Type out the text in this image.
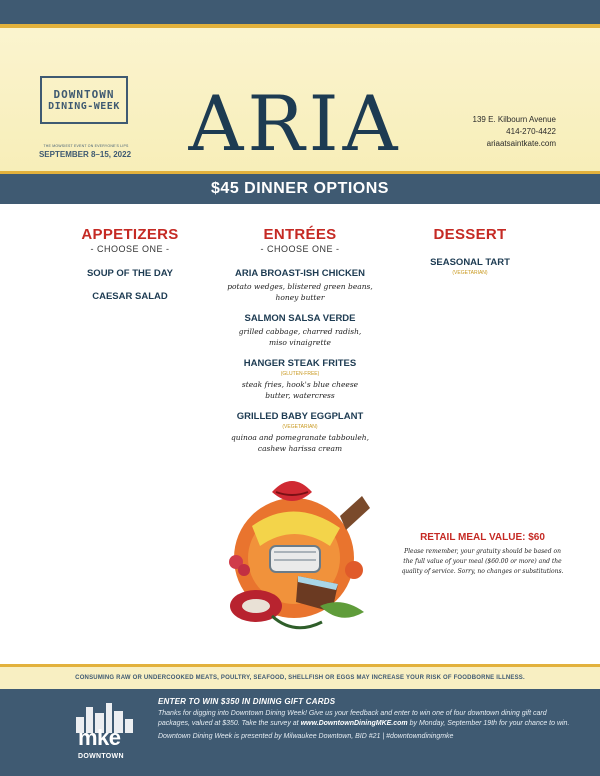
DOWNTOWN
DINING-WEEK
THE MOWSIEST EVENT ON EVERYONE'S LIPS
SEPTEMBER 8–15, 2022 ARIA	139 E. Kilbourn Avenue
414-270-4422
ariaatsaintkate.com
$45 DINNER OPTIONS
APPETIZERS
- CHOOSE ONE -
SOUP OF THE DAY
CAESAR SALAD
ENTRÉES
- CHOOSE ONE -
ARIA BROAST-ISH CHICKEN
potato wedges, blistered green beans,
honey butter
SALMON SALSA VERDE
grilled cabbage, charred radish,
miso vinaigrette
HANGER STEAK FRITES
(GLUTEN-FREE)
steak fries, hook's blue cheese
butter, watercress
GRILLED BABY EGGPLANT
(VEGETARIAN)
quinoa and pomegranate tabbouleh,
cashew harissa cream
DESSERT
SEASONAL TART
(VEGETARIAN)
RETAIL MEAL VALUE: $60
Please remember, your gratuity should be based on the full value of your meal ($60.00 or more) and the quality of service. Sorry, no changes or substitutions.
CONSUMING RAW OR UNDERCOOKED MEATS, POULTRY, SEAFOOD, SHELLFISH OR EGGS MAY INCREASE YOUR RISK OF FOODBORNE ILLNESS.
mke
DOWNTOWN
ENTER TO WIN $350 IN DINING GIFT CARDS
Thanks for digging into Downtown Dining Week! Give us your feedback and enter to win one of four downtown dining gift card packages, valued at $350. Take the survey at www.DowntownDiningMKE.com by Monday, September 19th for your chance to win.
Downtown Dining Week is presented by Milwaukee Downtown, BID #21 | #downtowndiningmke
